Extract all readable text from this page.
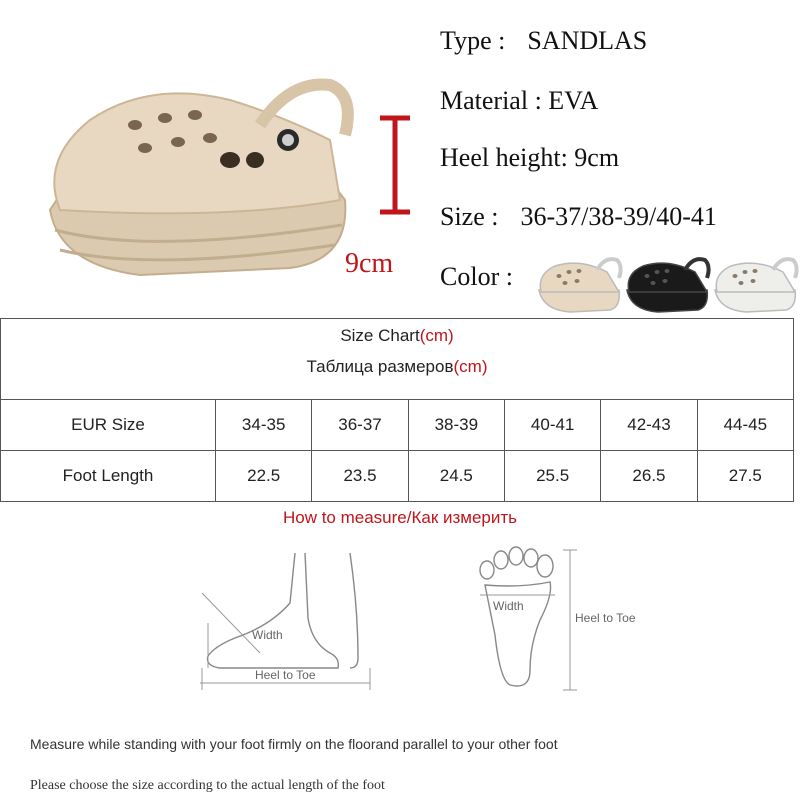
9cm
Type : SANDLAS
Material : EVA
Heel height: 9cm
Size : 36-37/38-39/40-41
Color :
Size Chart(cm)						
Таблица размеров(cm)						
EUR Size	34-35	36-37	38-39	40-41	42-43	44-45
Foot Length	22.5	23.5	24.5	25.5	26.5	27.5
How to measure/Как измерить
Width
Heel to Toe
Width
Heel to Toe
Measure while standing with your foot firmly on the floorand parallel to your other foot
Please choose the size according to the actual length of the foot
